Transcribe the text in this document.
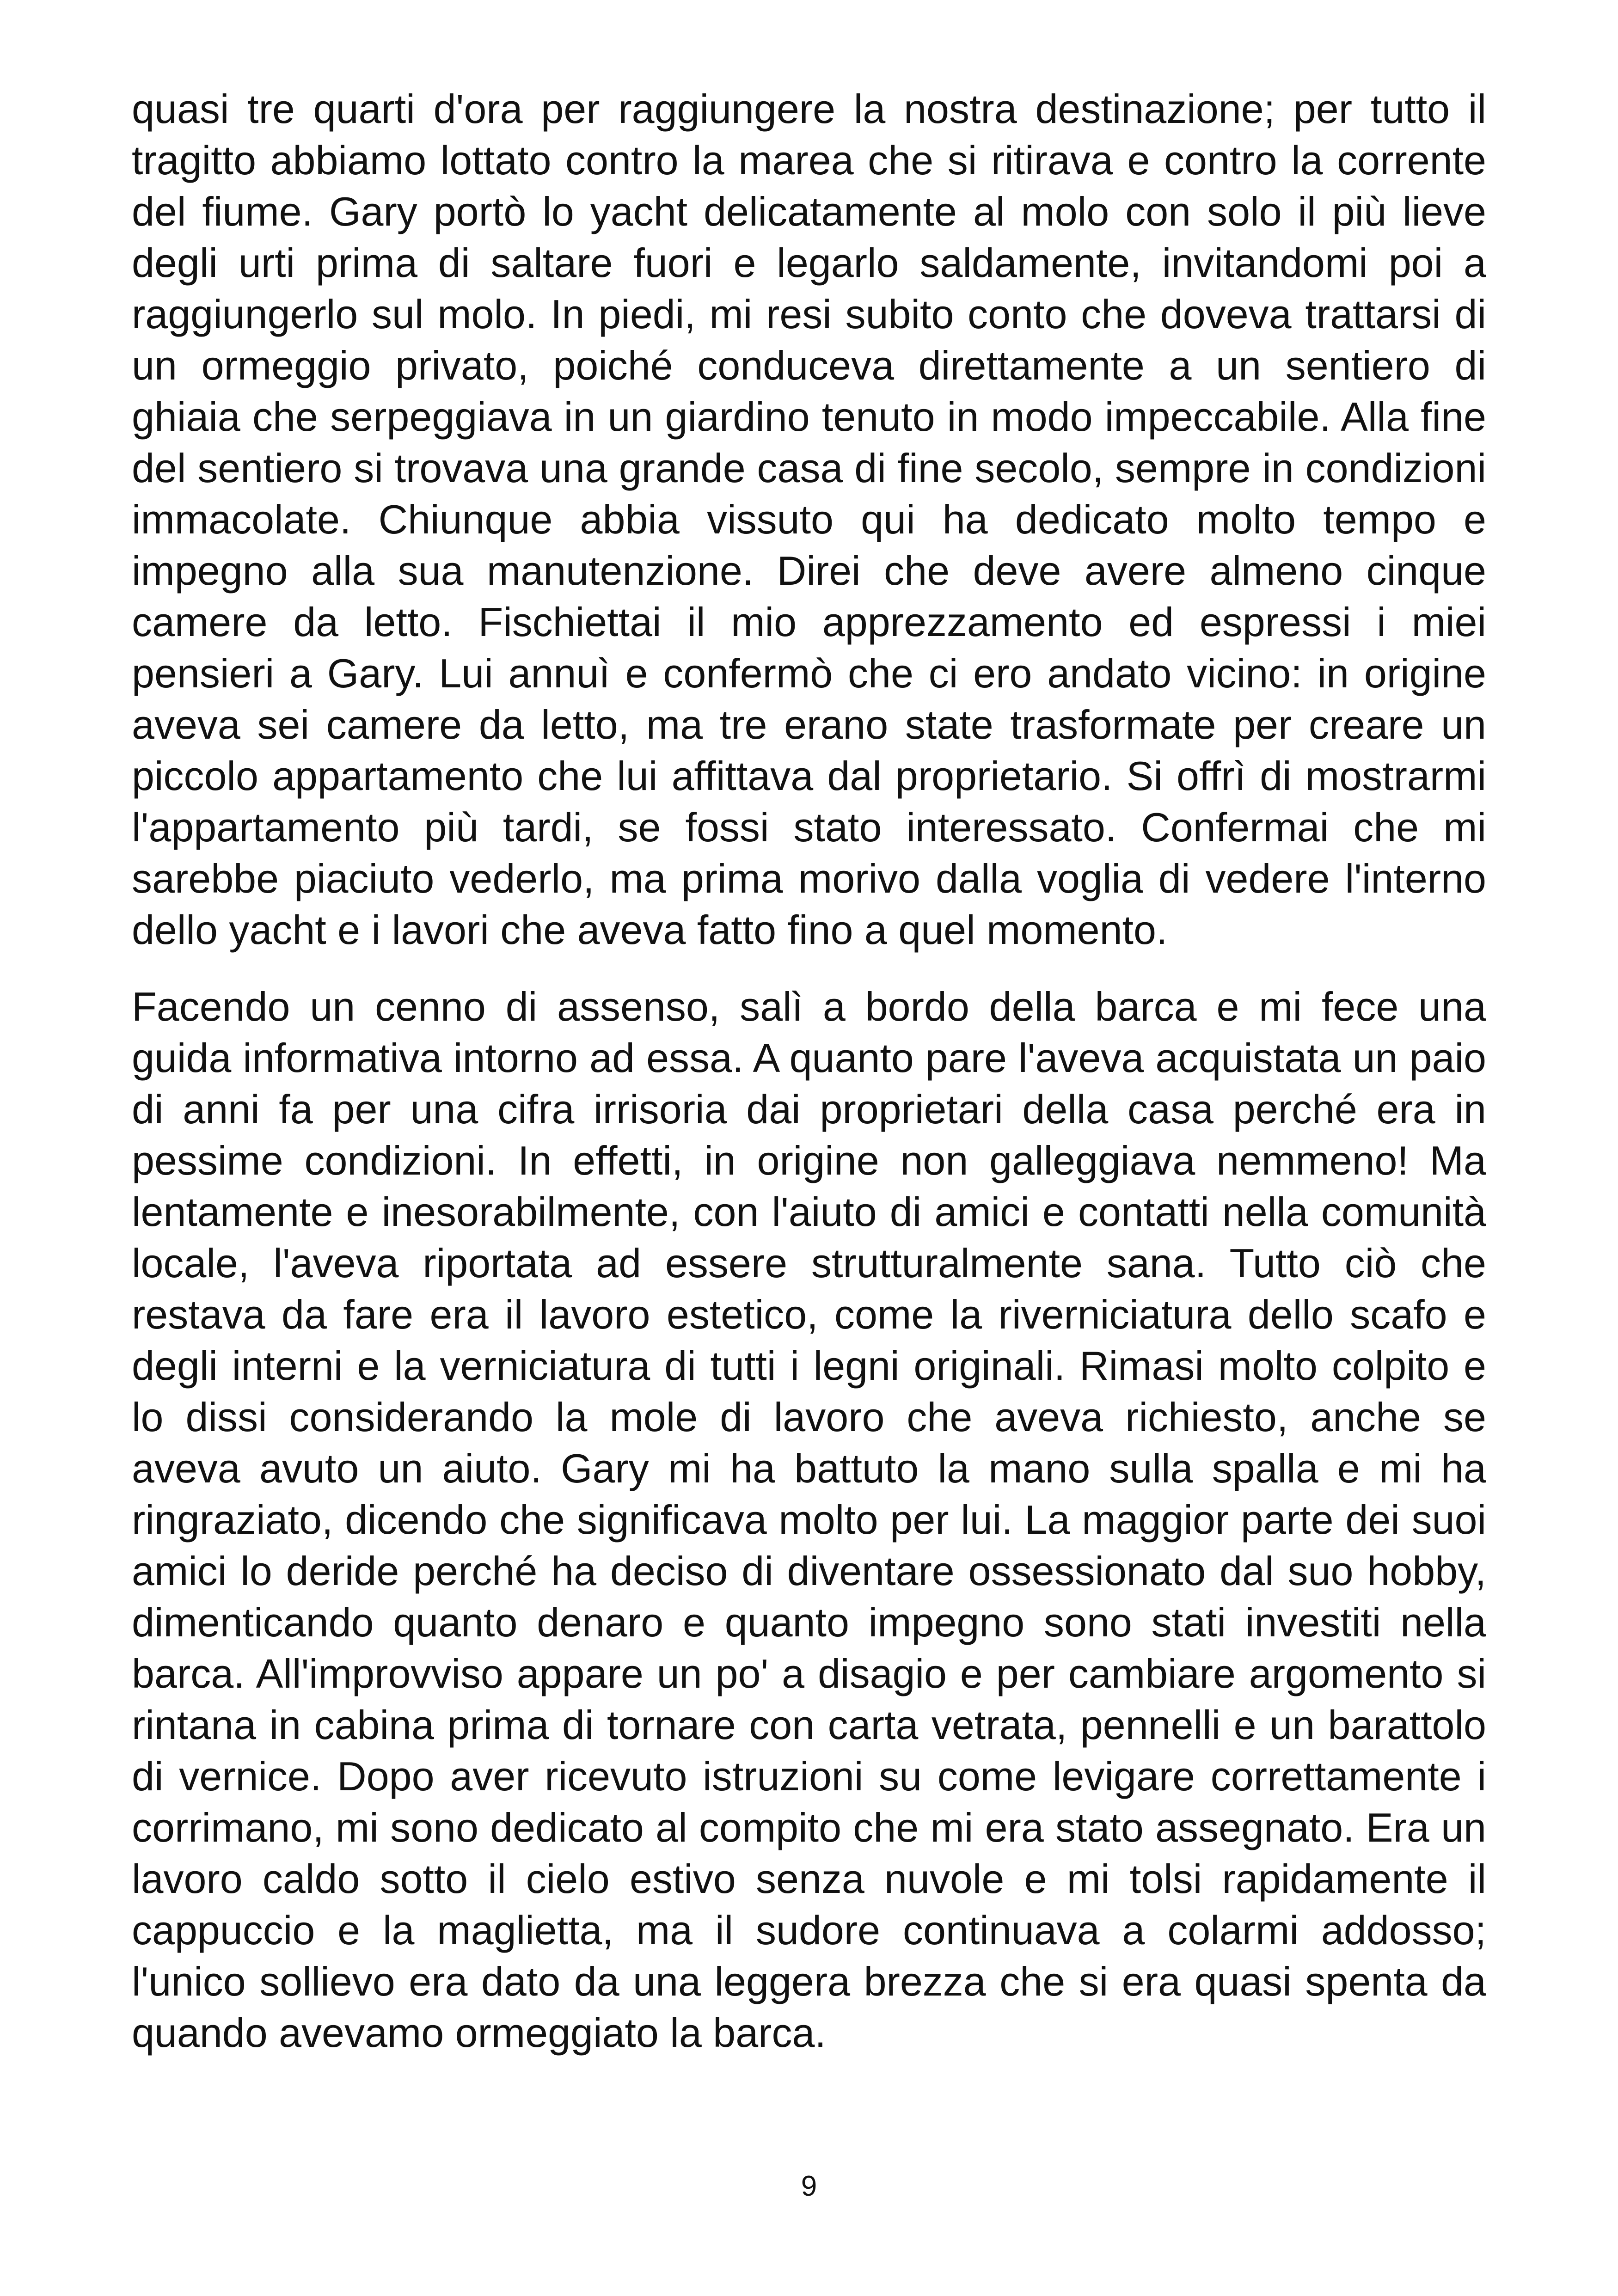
quasi tre quarti d'ora per raggiungere la nostra destinazione; per tutto il tragitto abbiamo lottato contro la marea che si ritirava e contro la corrente del fiume. Gary portò lo yacht delicatamente al molo con solo il più lieve degli urti prima di saltare fuori e legarlo saldamente, invitandomi poi a raggiungerlo sul molo. In piedi, mi resi subito conto che doveva trattarsi di un ormeggio privato, poiché conduceva direttamente a un sentiero di ghiaia che serpeggiava in un giardino tenuto in modo impeccabile. Alla fine del sentiero si trovava una grande casa di fine secolo, sempre in condizioni immacolate. Chiunque abbia vissuto qui ha dedicato molto tempo e impegno alla sua manutenzione. Direi che deve avere almeno cinque camere da letto. Fischiettai il mio apprezzamento ed espressi i miei pensieri a Gary. Lui annuì e confermò che ci ero andato vicino: in origine aveva sei camere da letto, ma tre erano state trasformate per creare un piccolo appartamento che lui affittava dal proprietario. Si offrì di mostrarmi l'appartamento più tardi, se fossi stato interessato. Confermai che mi sarebbe piaciuto vederlo, ma prima morivo dalla voglia di vedere l'interno dello yacht e i lavori che aveva fatto fino a quel momento.

Facendo un cenno di assenso, salì a bordo della barca e mi fece una guida informativa intorno ad essa. A quanto pare l'aveva acquistata un paio di anni fa per una cifra irrisoria dai proprietari della casa perché era in pessime condizioni. In effetti, in origine non galleggiava nemmeno! Ma lentamente e inesorabilmente, con l'aiuto di amici e contatti nella comunità locale, l'aveva riportata ad essere strutturalmente sana. Tutto ciò che restava da fare era il lavoro estetico, come la riverniciatura dello scafo e degli interni e la verniciatura di tutti i legni originali. Rimasi molto colpito e lo dissi considerando la mole di lavoro che aveva richiesto, anche se aveva avuto un aiuto. Gary mi ha battuto la mano sulla spalla e mi ha ringraziato, dicendo che significava molto per lui. La maggior parte dei suoi amici lo deride perché ha deciso di diventare ossessionato dal suo hobby, dimenticando quanto denaro e quanto impegno sono stati investiti nella barca. All'improvviso appare un po' a disagio e per cambiare argomento si rintana in cabina prima di tornare con carta vetrata, pennelli e un barattolo di vernice. Dopo aver ricevuto istruzioni su come levigare correttamente i corrimano, mi sono dedicato al compito che mi era stato assegnato. Era un lavoro caldo sotto il cielo estivo senza nuvole e mi tolsi rapidamente il cappuccio e la maglietta, ma il sudore continuava a colarmi addosso; l'unico sollievo era dato da una leggera brezza che si era quasi spenta da quando avevamo ormeggiato la barca.

9
